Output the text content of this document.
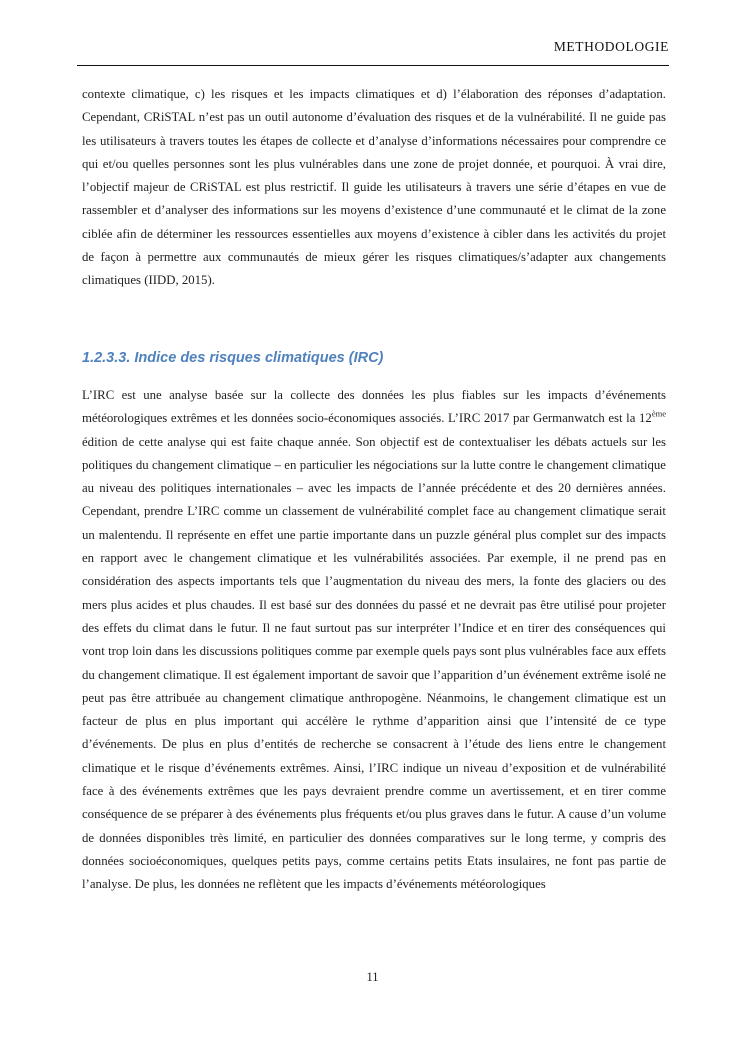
METHODOLOGIE

contexte climatique, c) les risques et les impacts climatiques et d) l’élaboration des réponses d’adaptation. Cependant, CRiSTAL n’est pas un outil autonome d’évaluation des risques et de la vulnérabilité. Il ne guide pas les utilisateurs à travers toutes les étapes de collecte et d’analyse d’informations nécessaires pour comprendre ce qui et/ou quelles personnes sont les plus vulnérables dans une zone de projet donnée, et pourquoi. À vrai dire, l’objectif majeur de CRiSTAL est plus restrictif. Il guide les utilisateurs à travers une série d’étapes en vue de rassembler et d’analyser des informations sur les moyens d’existence d’une communauté et le climat de la zone ciblée afin de déterminer les ressources essentielles aux moyens d’existence à cibler dans les activités du projet de façon à permettre aux communautés de mieux gérer les risques climatiques/s’adapter aux changements climatiques (IIDD, 2015).

1.2.3.3. Indice des risques climatiques (IRC)

L’IRC est une analyse basée sur la collecte des données les plus fiables sur les impacts d’événements météorologiques extrêmes et les données socio-économiques associés. L’IRC 2017 par Germanwatch est la 12ème édition de cette analyse qui est faite chaque année. Son objectif est de contextualiser les débats actuels sur les politiques du changement climatique – en particulier les négociations sur la lutte contre le changement climatique au niveau des politiques internationales – avec les impacts de l’année précédente et des 20 dernières années. Cependant, prendre L’IRC comme un classement de vulnérabilité complet face au changement climatique serait un malentendu. Il représente en effet une partie importante dans un puzzle général plus complet sur des impacts en rapport avec le changement climatique et les vulnérabilités associées. Par exemple, il ne prend pas en considération des aspects importants tels que l’augmentation du niveau des mers, la fonte des glaciers ou des mers plus acides et plus chaudes. Il est basé sur des données du passé et ne devrait pas être utilisé pour projeter des effets du climat dans le futur. Il ne faut surtout pas sur interpréter l’Indice et en tirer des conséquences qui vont trop loin dans les discussions politiques comme par exemple quels pays sont plus vulnérables face aux effets du changement climatique. Il est également important de savoir que l’apparition d’un événement extrême isolé ne peut pas être attribuée au changement climatique anthropogène. Néanmoins, le changement climatique est un facteur de plus en plus important qui accélère le rythme d’apparition ainsi que l’intensité de ce type d’événements. De plus en plus d’entités de recherche se consacrent à l’étude des liens entre le changement climatique et le risque d’événements extrêmes. Ainsi, l’IRC indique un niveau d’exposition et de vulnérabilité face à des événements extrêmes que les pays devraient prendre comme un avertissement, et en tirer comme conséquence de se préparer à des événements plus fréquents et/ou plus graves dans le futur. A cause d’un volume de données disponibles très limité, en particulier des données comparatives sur le long terme, y compris des données socioéconomiques, quelques petits pays, comme certains petits Etats insulaires, ne font pas partie de l’analyse. De plus, les données ne reflètent que les impacts d’événements météorologiques

11
